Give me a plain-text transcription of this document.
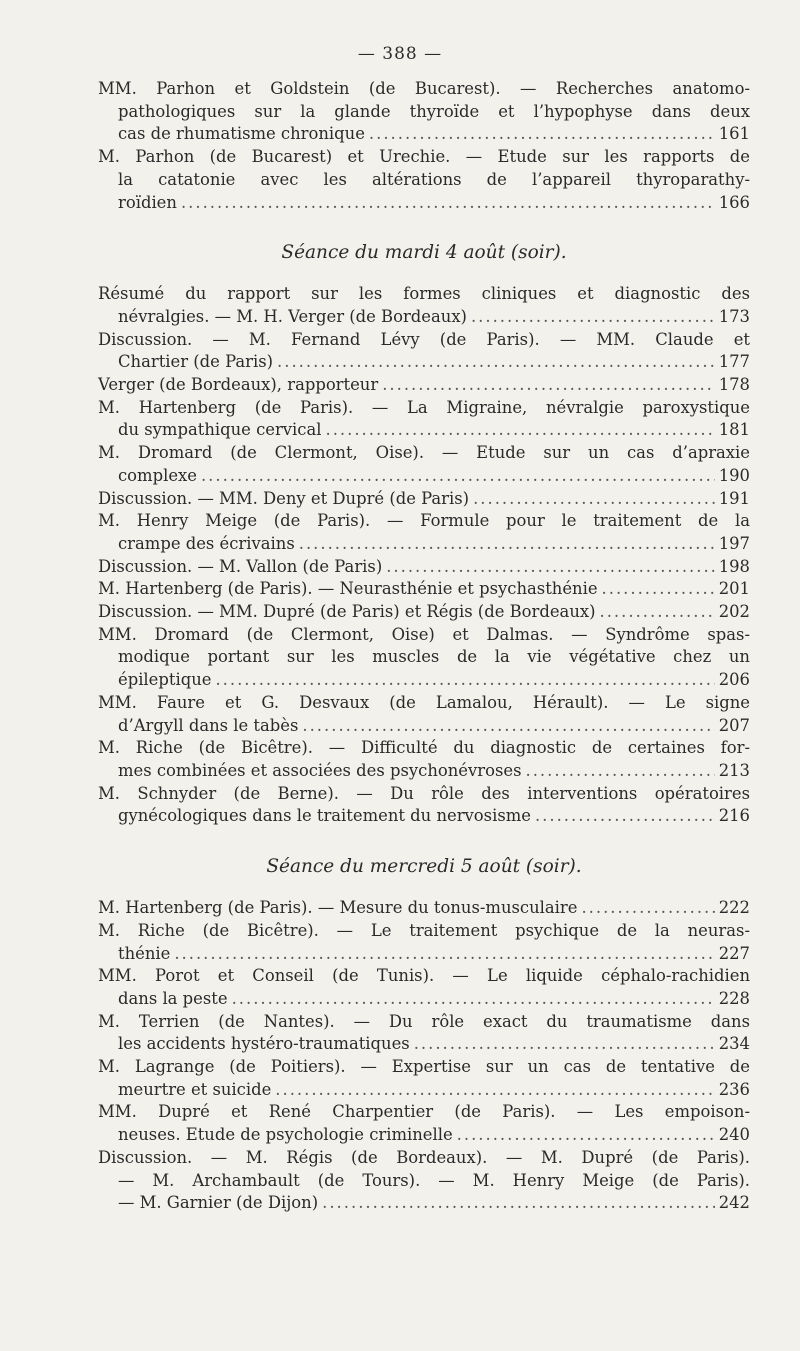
— 388 —
MM. Parhon et Goldstein (de Bucarest). — Recherches anatomo-
pathologiques sur la glande thyroïde et l’hypophyse dans deux
cas de rhumatisme chronique .....	161
M. Parhon (de Bucarest) et Urechie. — Etude sur les rapports de
la catatonie avec les altérations de l’appareil thyroparathy-
roïdien .....	166
Séance du mardi 4 août (soir).
Résumé du rapport sur les formes cliniques et diagnostic des
névralgies. — M. H. Verger (de Bordeaux) .....	173
Discussion. — M. Fernand Lévy (de Paris). — MM. Claude et
Chartier (de Paris) .....	177
Verger (de Bordeaux), rapporteur .....	178
M. Hartenberg (de Paris). — La Migraine, névralgie paroxystique
du sympathique cervical .....	181
M. Dromard (de Clermont, Oise). — Etude sur un cas d’apraxie
complexe .....	190
Discussion. — MM. Deny et Dupré (de Paris) .....	191
M. Henry Meige (de Paris). — Formule pour le traitement de la
crampe des écrivains .....	197
Discussion. — M. Vallon (de Paris) .....	198
M. Hartenberg (de Paris). — Neurasthénie et psychasthénie .....	201
Discussion. — MM. Dupré (de Paris) et Régis (de Bordeaux) .....	202
MM. Dromard (de Clermont, Oise) et Dalmas. — Syndrôme spas-
modique portant sur les muscles de la vie végétative chez un
épileptique .....	206
MM. Faure et G. Desvaux (de Lamalou, Hérault). — Le signe
d’Argyll dans le tabès .....	207
M. Riche (de Bicêtre). — Difficulté du diagnostic de certaines for-
mes combinées et associées des psychonévroses .....	213
M. Schnyder (de Berne). — Du rôle des interventions opératoires
gynécologiques dans le traitement du nervosisme .....	216
Séance du mercredi 5 août (soir).
M. Hartenberg (de Paris). — Mesure du tonus-musculaire .....	222
M. Riche (de Bicêtre). — Le traitement psychique de la neuras-
thénie .....	227
MM. Porot et Conseil (de Tunis). — Le liquide céphalo-rachidien
dans la peste .....	228
M. Terrien (de Nantes). — Du rôle exact du traumatisme dans
les accidents hystéro-traumatiques .....	234
M. Lagrange (de Poitiers). — Expertise sur un cas de tentative de
meurtre et suicide .....	236
MM. Dupré et René Charpentier (de Paris). — Les empoison-
neuses. Etude de psychologie criminelle .....	240
Discussion. — M. Régis (de Bordeaux). — M. Dupré (de Paris).
— M. Archambault (de Tours). — M. Henry Meige (de Paris).
— M. Garnier (de Dijon) .....	242
